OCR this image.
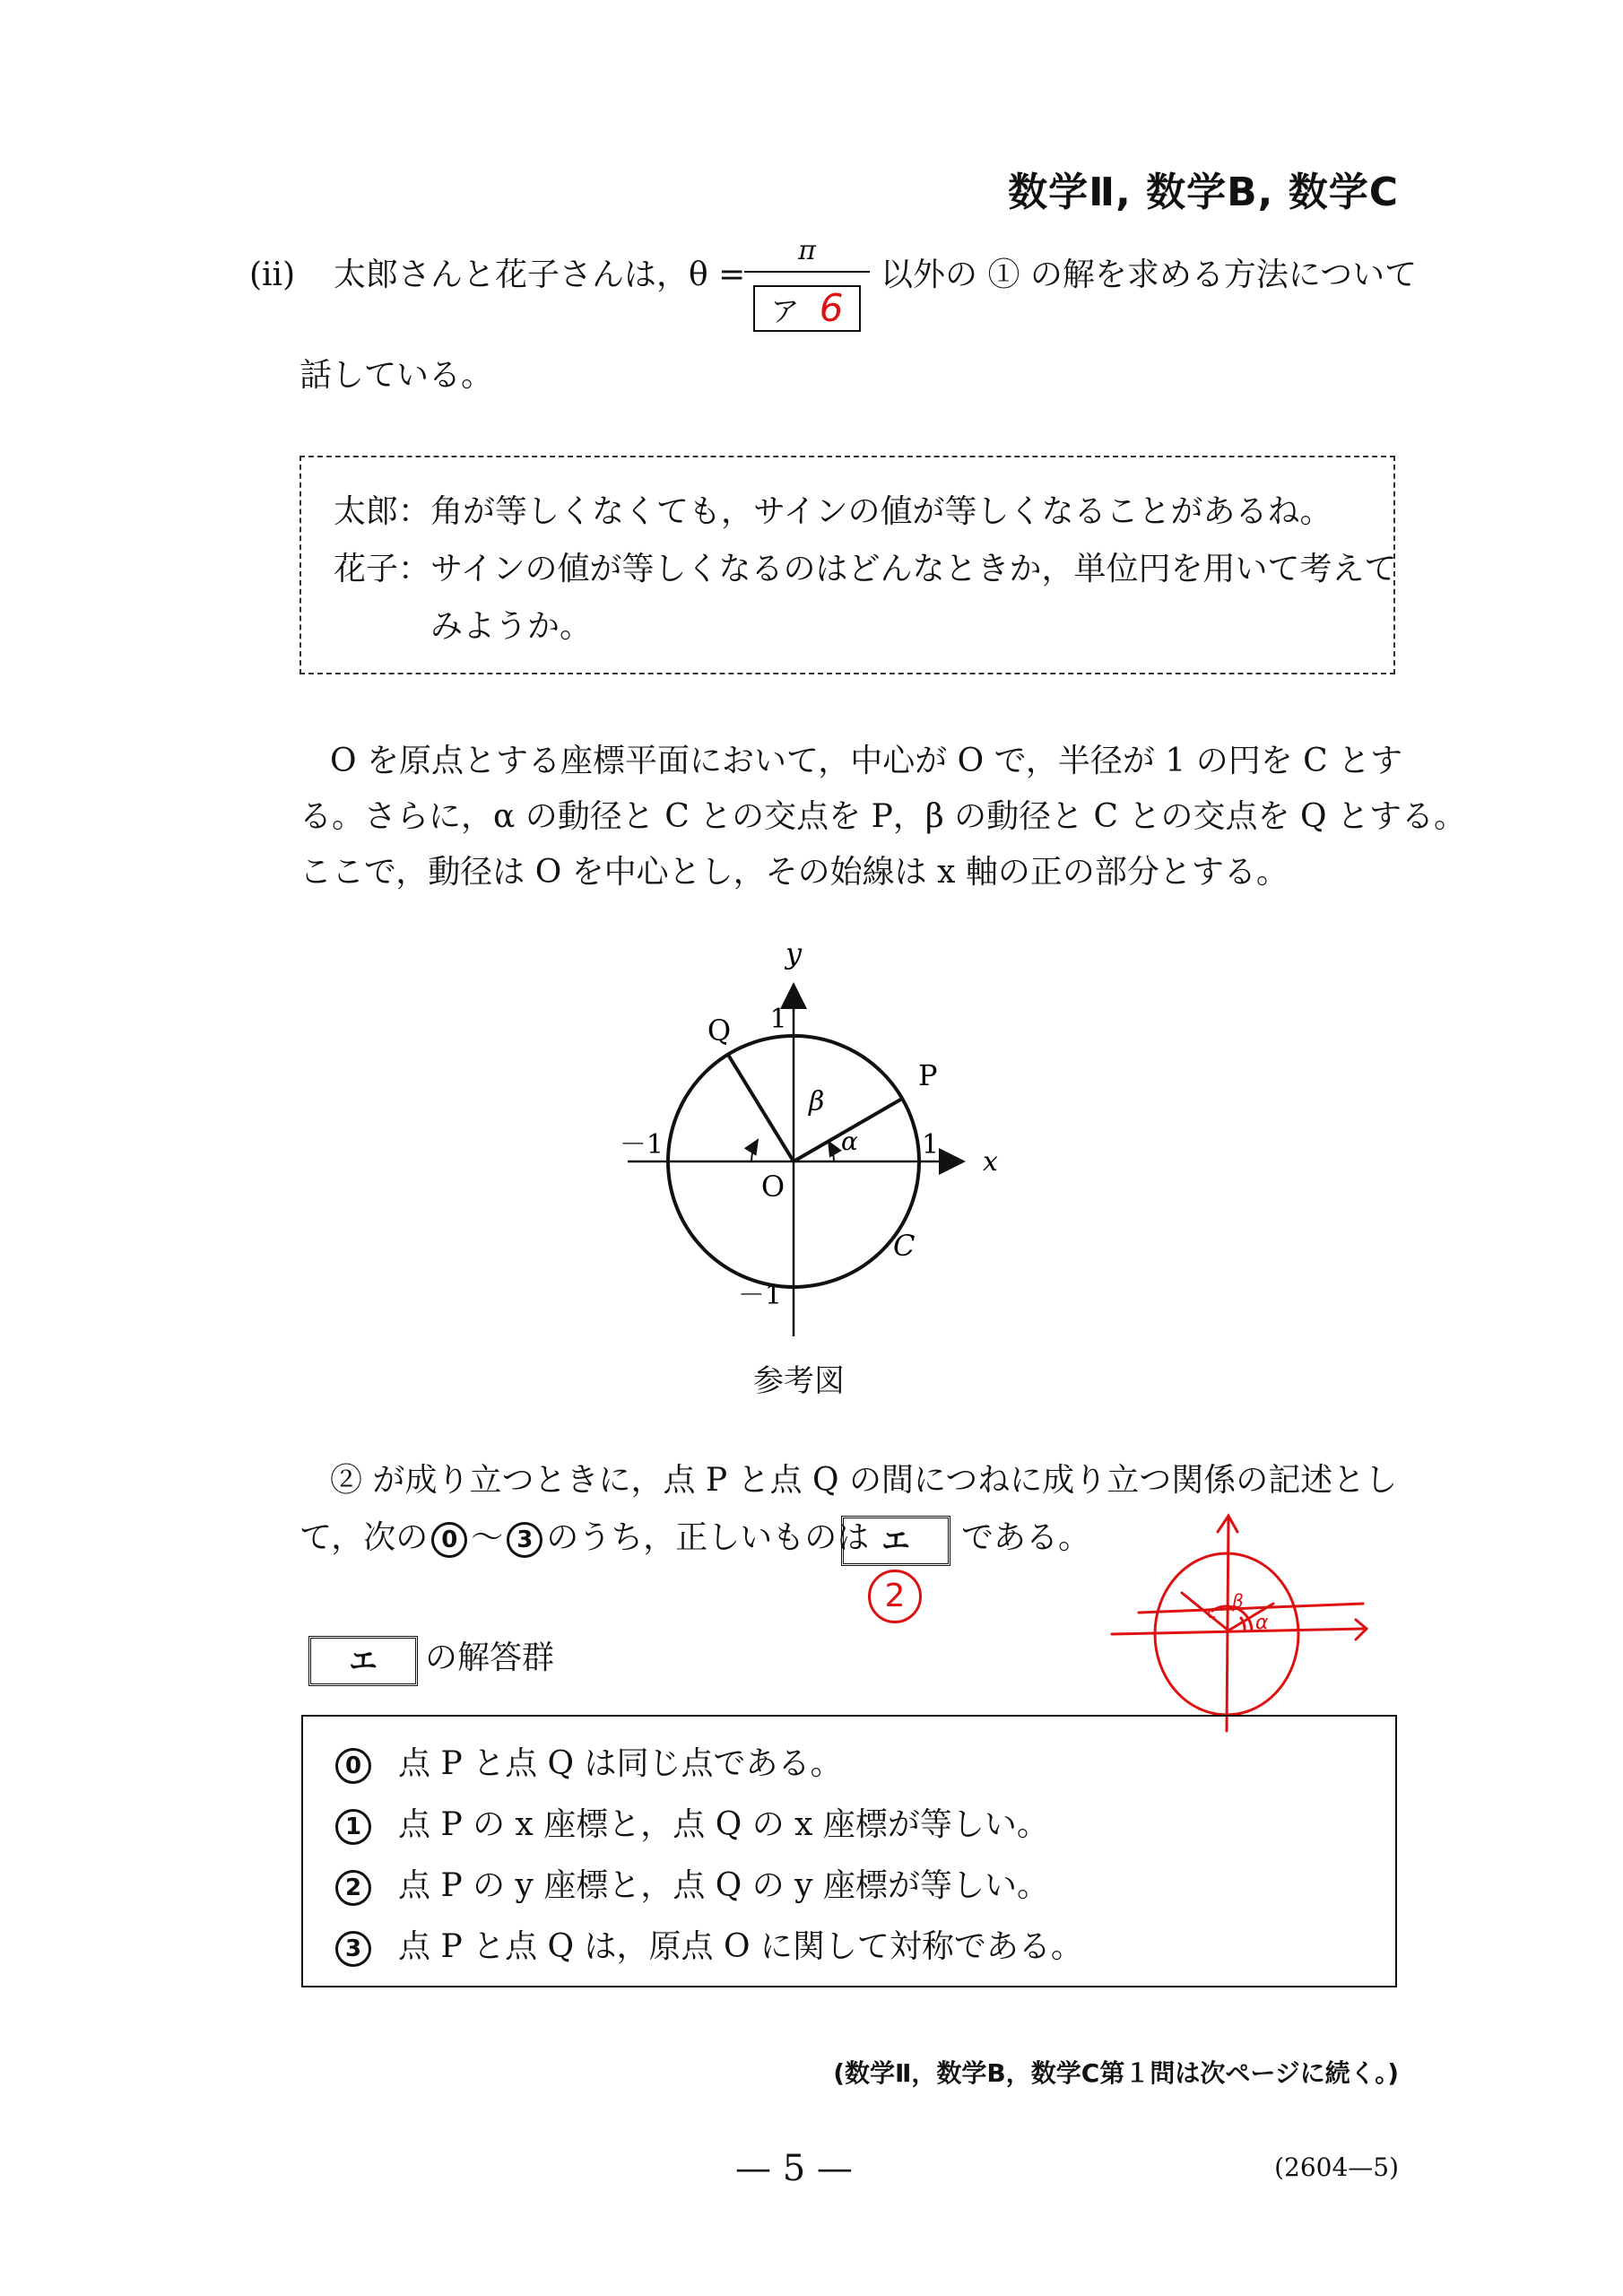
数学Ⅱ, 数学B, 数学C
(ii) 太郎さんと花子さんは，θ =
π
ア 6
以外の ① の解を求める方法について
話している。
太郎：角が等しくなくても，サインの値が等しくなることがあるね。
花子：サインの値が等しくなるのはどんなときか，単位円を用いて考えて
みようか。
O を原点とする座標平面において，中心が O で，半径が 1 の円を C とす
る。さらに，α の動径と C との交点を P，β の動径と C との交点を Q とする。
ここで，動径は O を中心とし，その始線は x 軸の正の部分とする。
y
x
1
Q
P
β
α
－1	1
O
C
－1
参考図
② が成り立つときに，点 P と点 Q の間につねに成り立つ関係の記述とし
て，次の 0 ～ 3 のうち，正しいものは エ	である。
2
α
β
c
エ	の解答群
0 点 P と点 Q は同じ点である。
1 点 P の x 座標と，点 Q の x 座標が等しい。
2 点 P の y 座標と，点 Q の y 座標が等しい。
3 点 P と点 Q は，原点 O に関して対称である。
(数学Ⅱ，数学B，数学C第１問は次ページに続く。)
— 5 —	(2604—5)
